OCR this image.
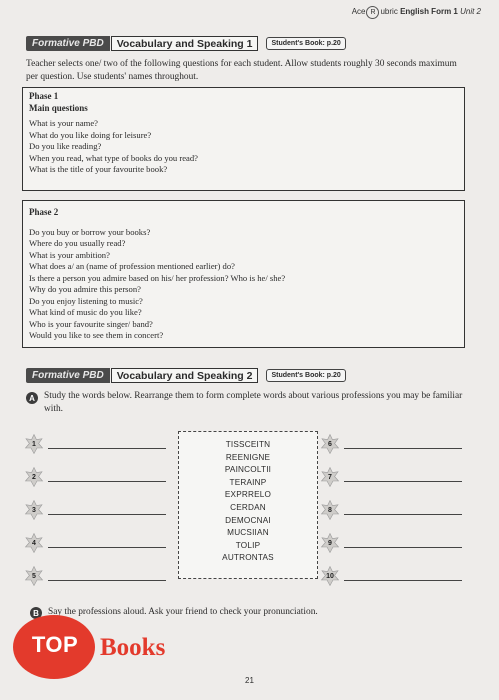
Ace R ubric English Form 1 Unit 2
Formative PBD	Vocabulary and Speaking 1	Student's Book: p.20
Teacher selects one/ two of the following questions for each student. Allow students roughly 30 seconds maximum per question. Use students' names throughout.
Phase 1
Main questions
What is your name?
What do you like doing for leisure?
Do you like reading?
When you read, what type of books do you read?
What is the title of your favourite book?
Phase 2
Do you buy or borrow your books?
Where do you usually read?
What is your ambition?
What does a/ an (name of profession mentioned earlier) do?
Is there a person you admire based on his/ her profession? Who is he/ she?
Why do you admire this person?
Do you enjoy listening to music?
What kind of music do you like?
Who is your favourite singer/ band?
Would you like to see them in concert?
Formative PBD	Vocabulary and Speaking 2	Student's Book: p.20
A Study the words below. Rearrange them to form complete words about various professions you may be familiar with.
1
2
3
4
5
TISSCEITN
REENIGNE
PAINCOLTII
TERAINP
EXPRRELO
CERDAN
DEMOCNAI
MUCSIIAN
TOLIP
AUTRONTAS
6
7
8
9
10
B Say the professions aloud. Ask your friend to check your pronunciation.
TOP Books
21
